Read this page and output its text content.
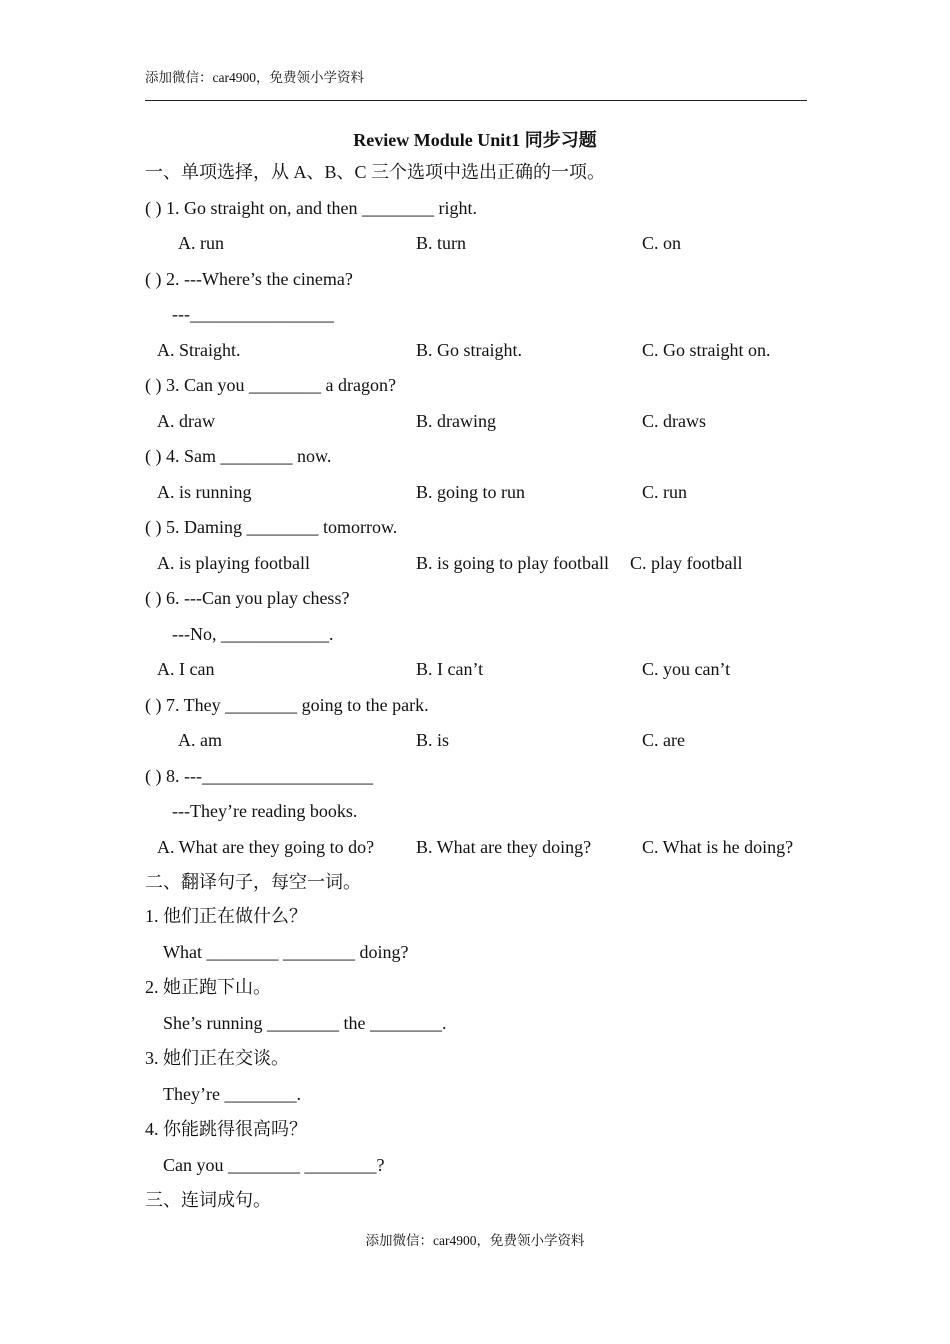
添加微信：car4900，免费领小学资料
Review Module Unit1 同步习题
一、单项选择，从 A、B、C 三个选项中选出正确的一项。
( ) 1. Go straight on, and then ________ right.
A. run	B. turn	C. on
( ) 2. ---Where’s the cinema?
---________________
A. Straight.	B. Go straight.	C. Go straight on.
( ) 3. Can you ________ a dragon?
A. draw	B. drawing	C. draws
( ) 4. Sam ________ now.
A. is running	B. going to run	C. run
( ) 5. Daming ________ tomorrow.
A. is playing football	B. is going to play football C. play football
( ) 6. ---Can you play chess?
---No, ____________.
A. I can	B. I can’t	C. you can’t
( ) 7. They ________ going to the park.
A. am	B. is	C. are
( ) 8. ---___________________
---They’re reading books.
A. What are they going to do? B. What are they doing?	C. What is he doing?
二、翻译句子，每空一词。
1. 他们正在做什么？
What ________ ________ doing?
2. 她正跑下山。
She’s running ________ the ________.
3. 她们正在交谈。
They’re ________.
4. 你能跳得很高吗？
Can you ________ ________?
三、连词成句。
添加微信：car4900，免费领小学资料
